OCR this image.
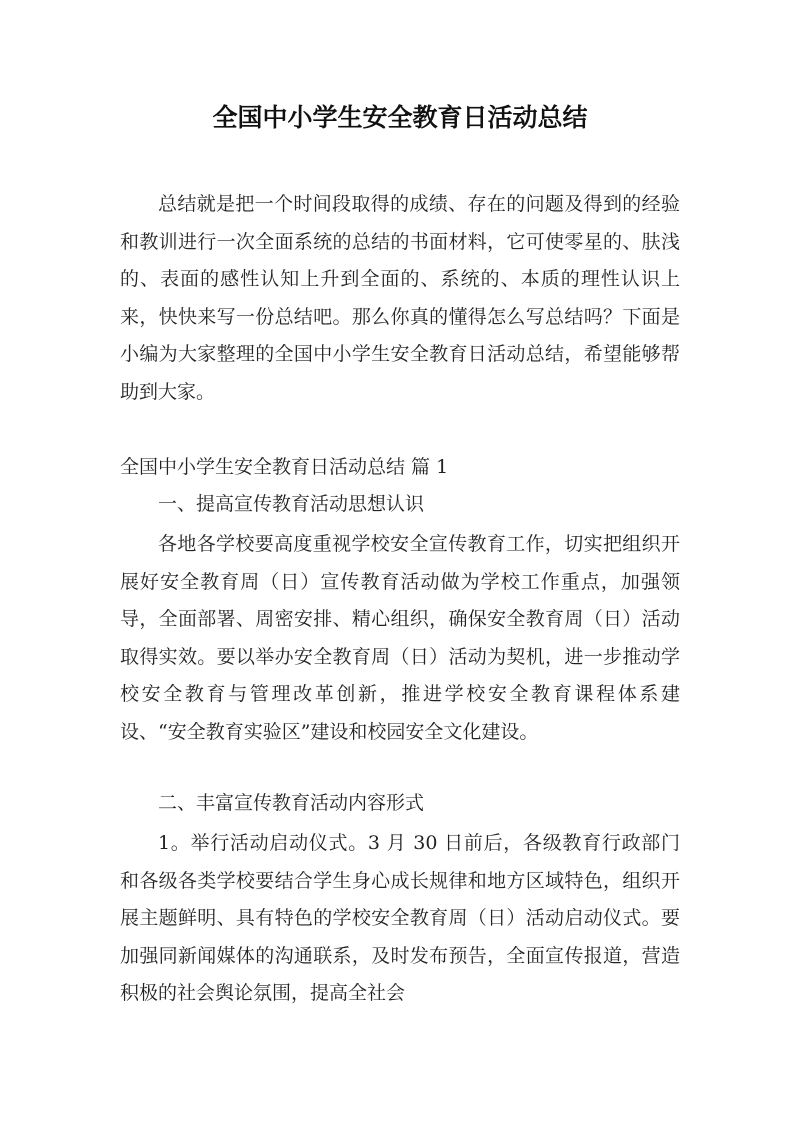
全国中小学生安全教育日活动总结

总结就是把一个时间段取得的成绩、存在的问题及得到的经验和教训进行一次全面系统的总结的书面材料，它可使零星的、肤浅的、表面的感性认知上升到全面的、系统的、本质的理性认识上来，快快来写一份总结吧。那么你真的懂得怎么写总结吗？下面是小编为大家整理的全国中小学生安全教育日活动总结，希望能够帮助到大家。

全国中小学生安全教育日活动总结 篇 1

一、提高宣传教育活动思想认识

各地各学校要高度重视学校安全宣传教育工作，切实把组织开展好安全教育周（日）宣传教育活动做为学校工作重点，加强领导，全面部署、周密安排、精心组织，确保安全教育周（日）活动取得实效。要以举办安全教育周（日）活动为契机，进一步推动学校安全教育与管理改革创新，推进学校安全教育课程体系建设、“安全教育实验区”建设和校园安全文化建设。

二、丰富宣传教育活动内容形式

1。举行活动启动仪式。3 月 30 日前后，各级教育行政部门和各级各类学校要结合学生身心成长规律和地方区域特色，组织开展主题鲜明、具有特色的学校安全教育周（日）活动启动仪式。要加强同新闻媒体的沟通联系，及时发布预告，全面宣传报道，营造积极的社会舆论氛围，提高全社会
